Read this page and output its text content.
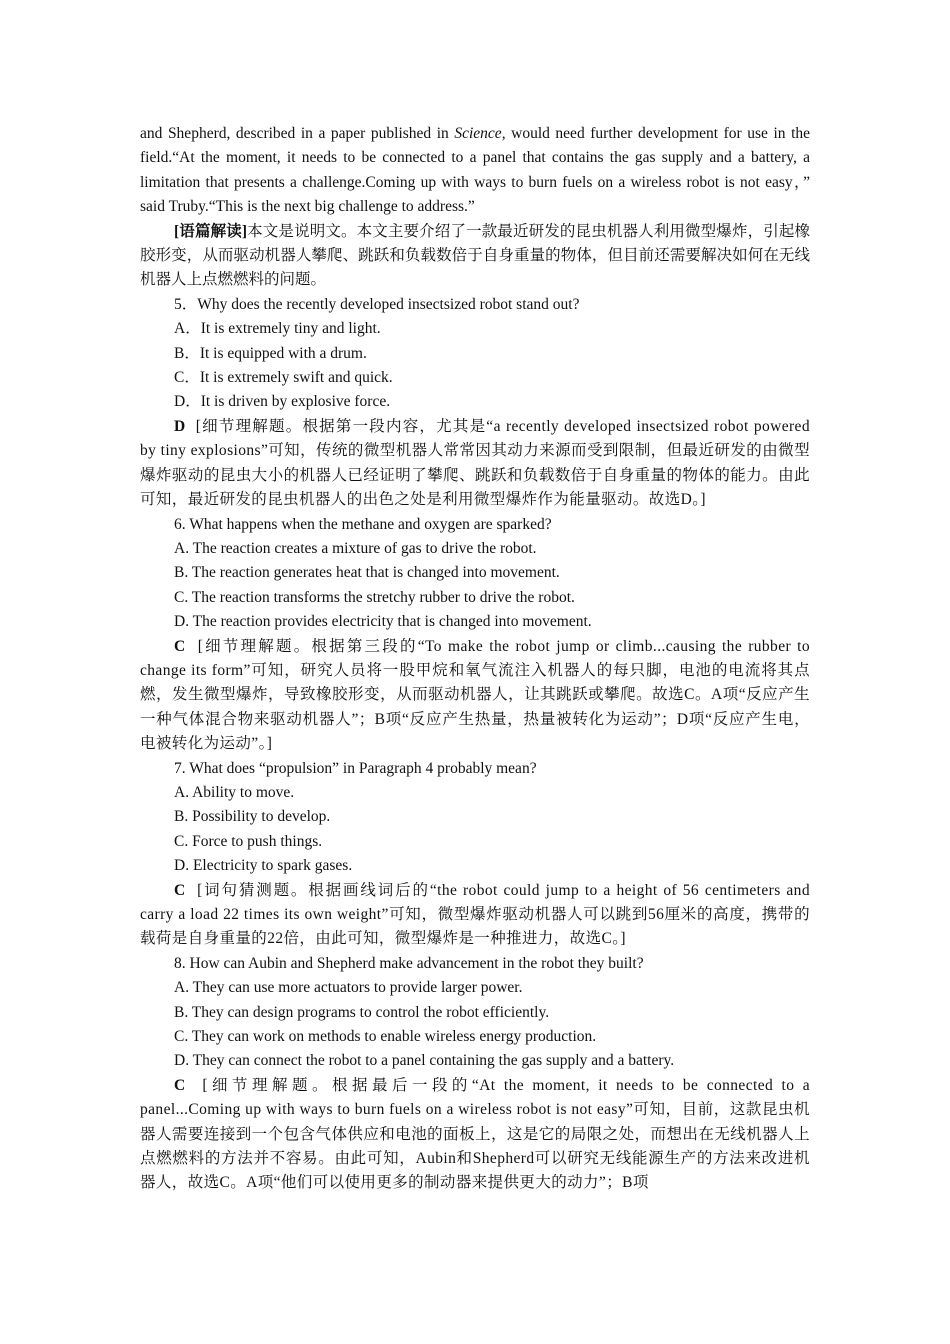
and Shepherd, described in a paper published in Science, would need further development for use in the field.“At the moment, it needs to be connected to a panel that contains the gas supply and a battery, a limitation that presents a challenge.Coming up with ways to burn fuels on a wireless robot is not easy，” said Truby.“This is the next big challenge to address.”

[语篇解读]本文是说明文。本文主要介绍了一款最近研发的昆虫机器人利用微型爆炸，引起橡胶形变，从而驱动机器人攀爬、跳跃和负载数倍于自身重量的物体，但目前还需要解决如何在无线机器人上点燃燃料的问题。

5．Why does the recently developed insectsized robot stand out?
A．It is extremely tiny and light.
B．It is equipped with a drum.
C．It is extremely swift and quick.
D．It is driven by explosive force.

D [细节理解题。根据第一段内容，尤其是“a recently developed insectsized robot powered by tiny explosions”可知，传统的微型机器人常常因其动力来源而受到限制，但最近研发的由微型爆炸驱动的昆虫大小的机器人已经证明了攀爬、跳跃和负载数倍于自身重量的物体的能力。由此可知，最近研发的昆虫机器人的出色之处是利用微型爆炸作为能量驱动。故选D。]

6. What happens when the methane and oxygen are sparked?
A. The reaction creates a mixture of gas to drive the robot.
B. The reaction generates heat that is changed into movement.
C. The reaction transforms the stretchy rubber to drive the robot.
D. The reaction provides electricity that is changed into movement.

C [细节理解题。根据第三段的“To make the robot jump or climb...causing the rubber to change its form”可知，研究人员将一股甲烷和氧气流注入机器人的每只脚，电池的电流将其点燃，发生微型爆炸，导致橡胶形变，从而驱动机器人，让其跳跃或攀爬。故选C。A项“反应产生一种气体混合物来驱动机器人”；B项“反应产生热量，热量被转化为运动”；D项“反应产生电，电被转化为运动”。]

7. What does “propulsion” in Paragraph 4 probably mean?
A. Ability to move.
B. Possibility to develop.
C. Force to push things.
D. Electricity to spark gases.

C [词句猜测题。根据画线词后的“the robot could jump to a height of 56 centimeters and carry a load 22 times its own weight”可知，微型爆炸驱动机器人可以跳到56厘米的高度，携带的载荷是自身重量的22倍，由此可知，微型爆炸是一种推进力，故选C。]

8. How can Aubin and Shepherd make advancement in the robot they built?
A. They can use more actuators to provide larger power.
B. They can design programs to control the robot efficiently.
C. They can work on methods to enable wireless energy production.
D. They can connect the robot to a panel containing the gas supply and a battery.

C [细节理解题。根据最后一段的“At the moment, it needs to be connected to a panel...Coming up with ways to burn fuels on a wireless robot is not easy”可知，目前，这款昆虫机器人需要连接到一个包含气体供应和电池的面板上，这是它的局限之处，而想出在无线机器人上点燃燃料的方法并不容易。由此可知，Aubin和Shepherd可以研究无线能源生产的方法来改进机器人，故选C。A项“他们可以使用更多的制动器来提供更大的动力”；B项
